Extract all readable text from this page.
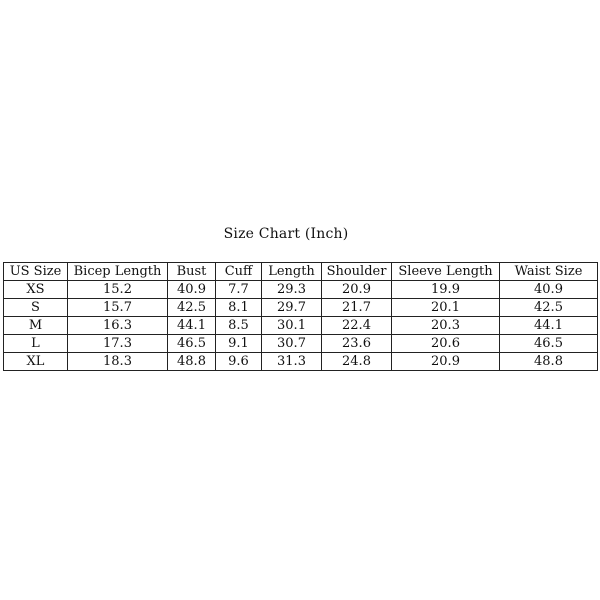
Size Chart (Inch)
US Size	Bicep Length	Bust	Cuff	Length	Shoulder	Sleeve Length	Waist Size
XS	15.2	40.9	7.7	29.3	20.9	19.9	40.9
S	15.7	42.5	8.1	29.7	21.7	20.1	42.5
M	16.3	44.1	8.5	30.1	22.4	20.3	44.1
L	17.3	46.5	9.1	30.7	23.6	20.6	46.5
XL	18.3	48.8	9.6	31.3	24.8	20.9	48.8
